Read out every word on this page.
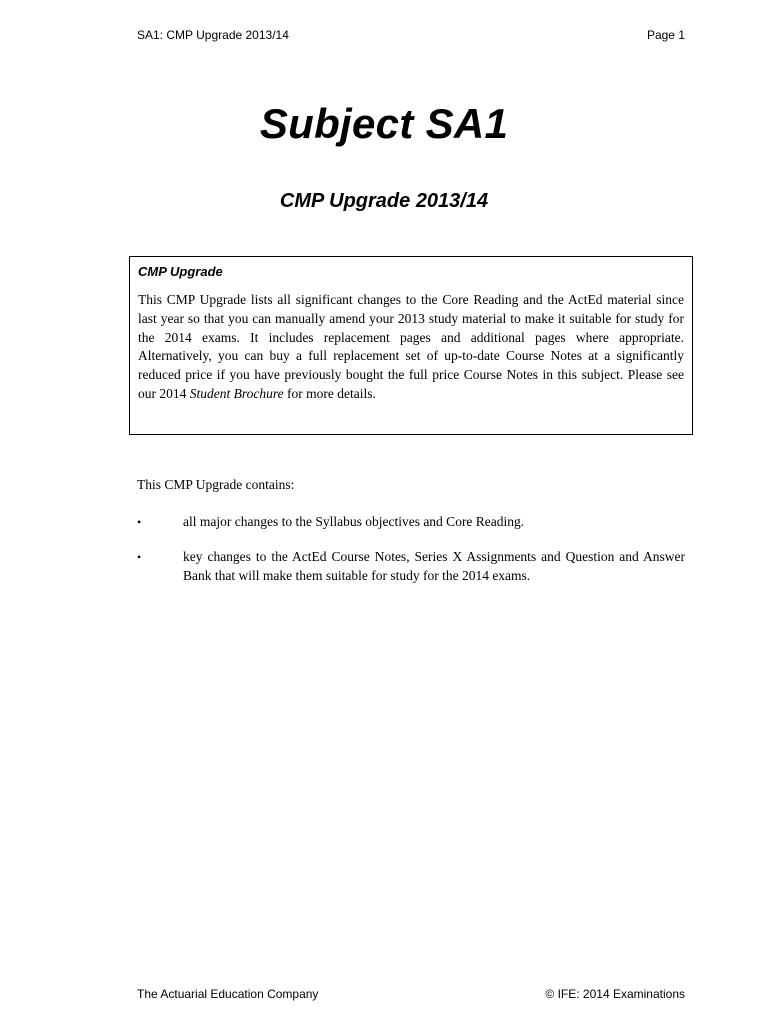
SA1: CMP Upgrade 2013/14	Page 1
Subject SA1
CMP Upgrade 2013/14

CMP Upgrade

This CMP Upgrade lists all significant changes to the Core Reading and the ActEd material since last year so that you can manually amend your 2013 study material to make it suitable for study for the 2014 exams. It includes replacement pages and additional pages where appropriate. Alternatively, you can buy a full replacement set of up-to-date Course Notes at a significantly reduced price if you have previously bought the full price Course Notes in this subject. Please see our 2014 Student Brochure for more details.

This CMP Upgrade contains:
•	all major changes to the Syllabus objectives and Core Reading.
•	key changes to the ActEd Course Notes, Series X Assignments and Question and Answer Bank that will make them suitable for study for the 2014 exams.
The Actuarial Education Company	© IFE: 2014 Examinations
